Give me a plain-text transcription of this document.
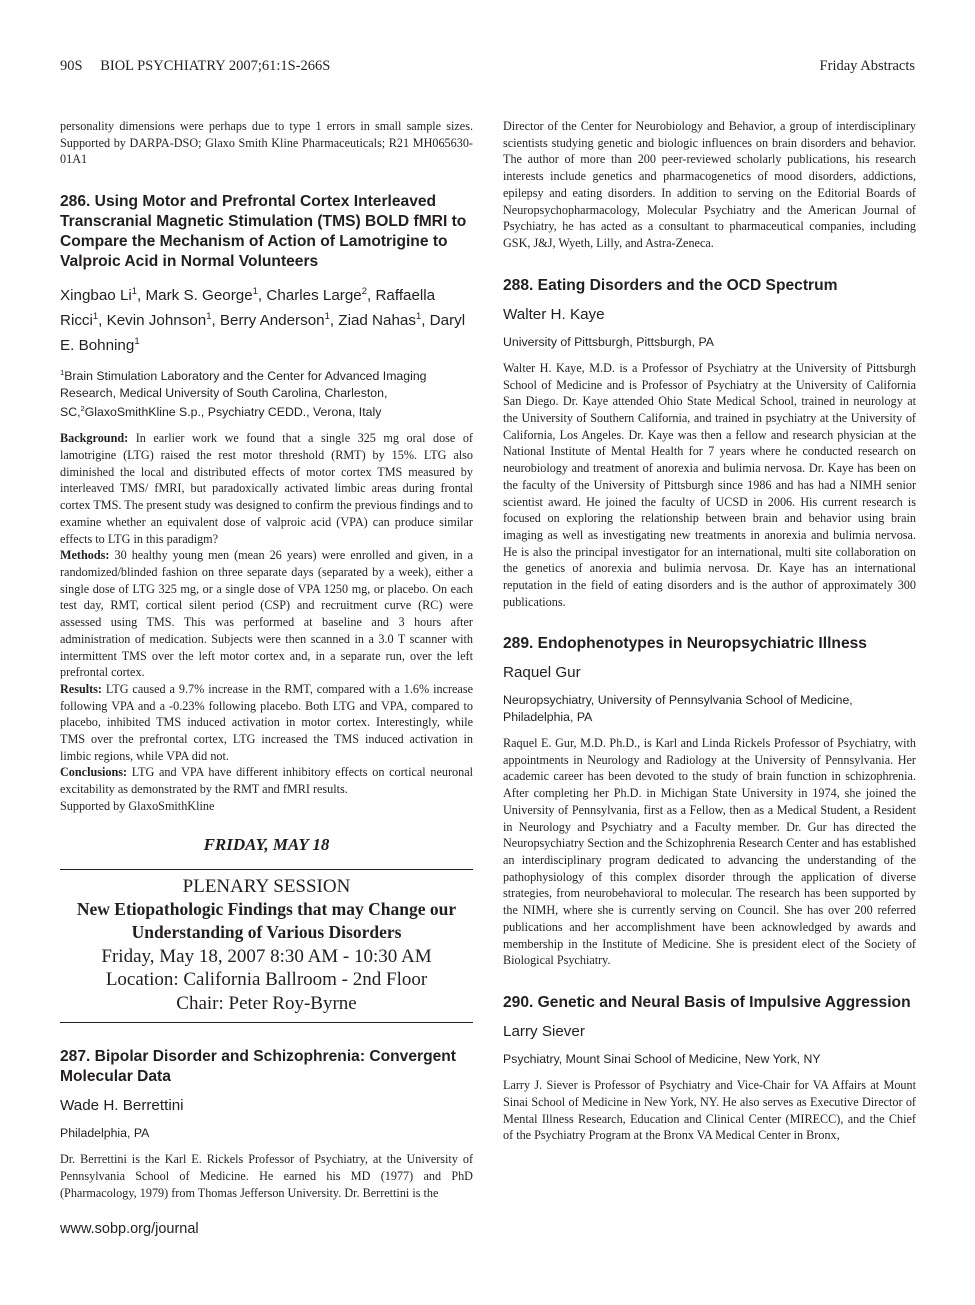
90S BIOL PSYCHIATRY 2007;61:1S-266S	Friday Abstracts

personality dimensions were perhaps due to type 1 errors in small sample sizes. Supported by DARPA-DSO; Glaxo Smith Kline Pharmaceuticals; R21 MH065630-01A1

286. Using Motor and Prefrontal Cortex Interleaved Transcranial Magnetic Stimulation (TMS) BOLD fMRI to Compare the Mechanism of Action of Lamotrigine to Valproic Acid in Normal Volunteers

Xingbao Li$^1$, Mark S. George$^1$, Charles Large$^2$, Raffaella Ricci$^1$, Kevin Johnson$^1$, Berry Anderson$^1$, Ziad Nahas$^1$, Daryl E. Bohning$^1$

$^1$Brain Stimulation Laboratory and the Center for Advanced Imaging Research, Medical University of South Carolina, Charleston, SC,$^2$GlaxoSmithKline S.p., Psychiatry CEDD., Verona, Italy

Background: In earlier work we found that a single 325 mg oral dose of lamotrigine (LTG) raised the rest motor threshold (RMT) by 15%. LTG also diminished the local and distributed effects of motor cortex TMS measured by interleaved TMS/ fMRI, but paradoxically activated limbic areas during frontal cortex TMS. The present study was designed to confirm the previous findings and to examine whether an equivalent dose of valproic acid (VPA) can produce similar effects to LTG in this paradigm?

Methods: 30 healthy young men (mean 26 years) were enrolled and given, in a randomized/blinded fashion on three separate days (separated by a week), either a single dose of LTG 325 mg, or a single dose of VPA 1250 mg, or placebo. On each test day, RMT, cortical silent period (CSP) and recruitment curve (RC) were assessed using TMS. This was performed at baseline and 3 hours after administration of medication. Subjects were then scanned in a 3.0 T scanner with intermittent TMS over the left motor cortex and, in a separate run, over the left prefrontal cortex.

Results: LTG caused a 9.7% increase in the RMT, compared with a 1.6% increase following VPA and a -0.23% following placebo. Both LTG and VPA, compared to placebo, inhibited TMS induced activation in motor cortex. Interestingly, while TMS over the prefrontal cortex, LTG increased the TMS induced activation in limbic regions, while VPA did not.

Conclusions: LTG and VPA have different inhibitory effects on cortical neuronal excitability as demonstrated by the RMT and fMRI results.

Supported by GlaxoSmithKline

FRIDAY, MAY 18

PLENARY SESSION
New Etiopathologic Findings that may Change our Understanding of Various Disorders
Friday, May 18, 2007 8:30 AM - 10:30 AM
Location: California Ballroom - 2nd Floor
Chair: Peter Roy-Byrne

287. Bipolar Disorder and Schizophrenia: Convergent Molecular Data

Wade H. Berrettini

Philadelphia, PA

Dr. Berrettini is the Karl E. Rickels Professor of Psychiatry, at the University of Pennsylvania School of Medicine. He earned his MD (1977) and PhD (Pharmacology, 1979) from Thomas Jefferson University. Dr. Berrettini is the

Director of the Center for Neurobiology and Behavior, a group of interdisciplinary scientists studying genetic and biologic influences on brain disorders and behavior. The author of more than 200 peer-reviewed scholarly publications, his research interests include genetics and pharmacogenetics of mood disorders, addictions, epilepsy and eating disorders. In addition to serving on the Editorial Boards of Neuropsychopharmacology, Molecular Psychiatry and the American Journal of Psychiatry, he has acted as a consultant to pharmaceutical companies, including GSK, J&J, Wyeth, Lilly, and Astra-Zeneca.

288. Eating Disorders and the OCD Spectrum

Walter H. Kaye

University of Pittsburgh, Pittsburgh, PA

Walter H. Kaye, M.D. is a Professor of Psychiatry at the University of Pittsburgh School of Medicine and is Professor of Psychiatry at the University of California San Diego. Dr. Kaye attended Ohio State Medical School, trained in neurology at the University of Southern California, and trained in psychiatry at the University of California, Los Angeles. Dr. Kaye was then a fellow and research physician at the National Institute of Mental Health for 7 years where he conducted research on neurobiology and treatment of anorexia and bulimia nervosa. Dr. Kaye has been on the faculty of the University of Pittsburgh since 1986 and has had a NIMH senior scientist award. He joined the faculty of UCSD in 2006. His current research is focused on exploring the relationship between brain and behavior using brain imaging as well as investigating new treatments in anorexia and bulimia nervosa. He is also the principal investigator for an international, multi site collaboration on the genetics of anorexia and bulimia nervosa. Dr. Kaye has an international reputation in the field of eating disorders and is the author of approximately 300 publications.

289. Endophenotypes in Neuropsychiatric Illness

Raquel Gur

Neuropsychiatry, University of Pennsylvania School of Medicine, Philadelphia, PA

Raquel E. Gur, M.D. Ph.D., is Karl and Linda Rickels Professor of Psychiatry, with appointments in Neurology and Radiology at the University of Pennsylvania. Her academic career has been devoted to the study of brain function in schizophrenia. After completing her Ph.D. in Michigan State University in 1974, she joined the University of Pennsylvania, first as a Fellow, then as a Medical Student, a Resident in Neurology and Psychiatry and a Faculty member. Dr. Gur has directed the Neuropsychiatry Section and the Schizophrenia Research Center and has established an interdisciplinary program dedicated to advancing the understanding of the pathophysiology of this complex disorder through the application of diverse strategies, from neurobehavioral to molecular. The research has been supported by the NIMH, where she is currently serving on Council. She has over 200 referred publications and her accomplishment have been acknowledged by awards and membership in the Institute of Medicine. She is president elect of the Society of Biological Psychiatry.

290. Genetic and Neural Basis of Impulsive Aggression

Larry Siever

Psychiatry, Mount Sinai School of Medicine, New York, NY

Larry J. Siever is Professor of Psychiatry and Vice-Chair for VA Affairs at Mount Sinai School of Medicine in New York, NY. He also serves as Executive Director of Mental Illness Research, Education and Clinical Center (MIRECC), and the Chief of the Psychiatry Program at the Bronx VA Medical Center in Bronx,

www.sobp.org/journal
